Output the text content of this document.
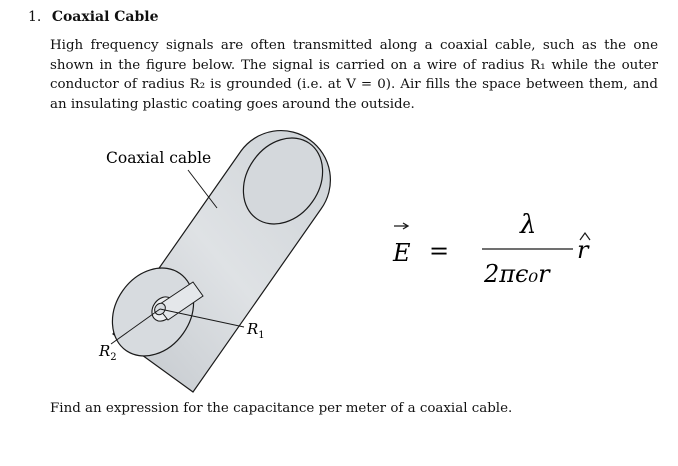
1. Coaxial Cable
High frequency signals are often transmitted along a coaxial cable, such as the one shown in the figure below. The signal is carried on a wire of radius R₁ while the outer conductor of radius R₂ is grounded (i.e. at V = 0). Air fills the space between them, and an insulating plastic coating goes around the outside.
$R_1$
$R_2$
Coaxial cable
E =
λ
2πϵ₀r
r
Find an expression for the capacitance per meter of a coaxial cable.
